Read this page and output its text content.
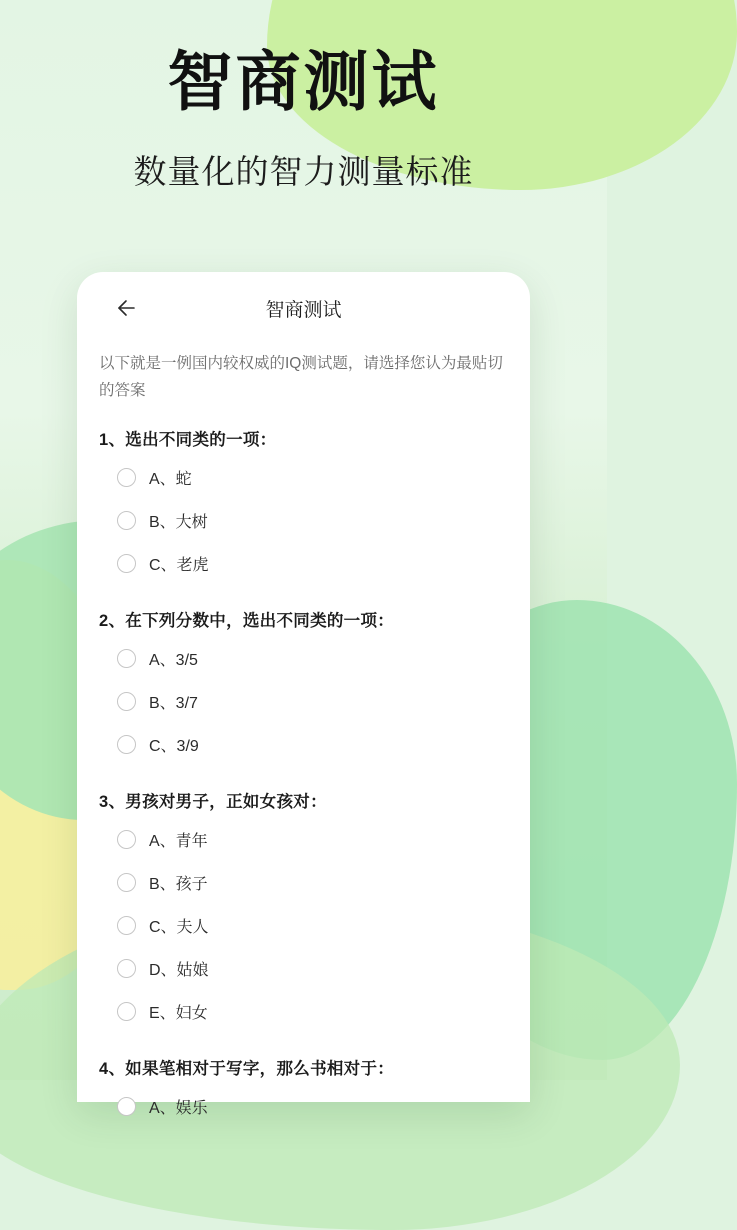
智商测试
数量化的智力测量标准
智商测试

以下就是一例国内较权威的IQ测试题，请选择您认为最贴切的答案

1、选出不同类的一项：
A、蛇
B、大树
C、老虎
2、在下列分数中，选出不同类的一项：
A、3/5
B、3/7
C、3/9
3、男孩对男子，正如女孩对：
A、青年
B、孩子
C、夫人
D、姑娘
E、妇女
4、如果笔相对于写字，那么书相对于：
A、娱乐
